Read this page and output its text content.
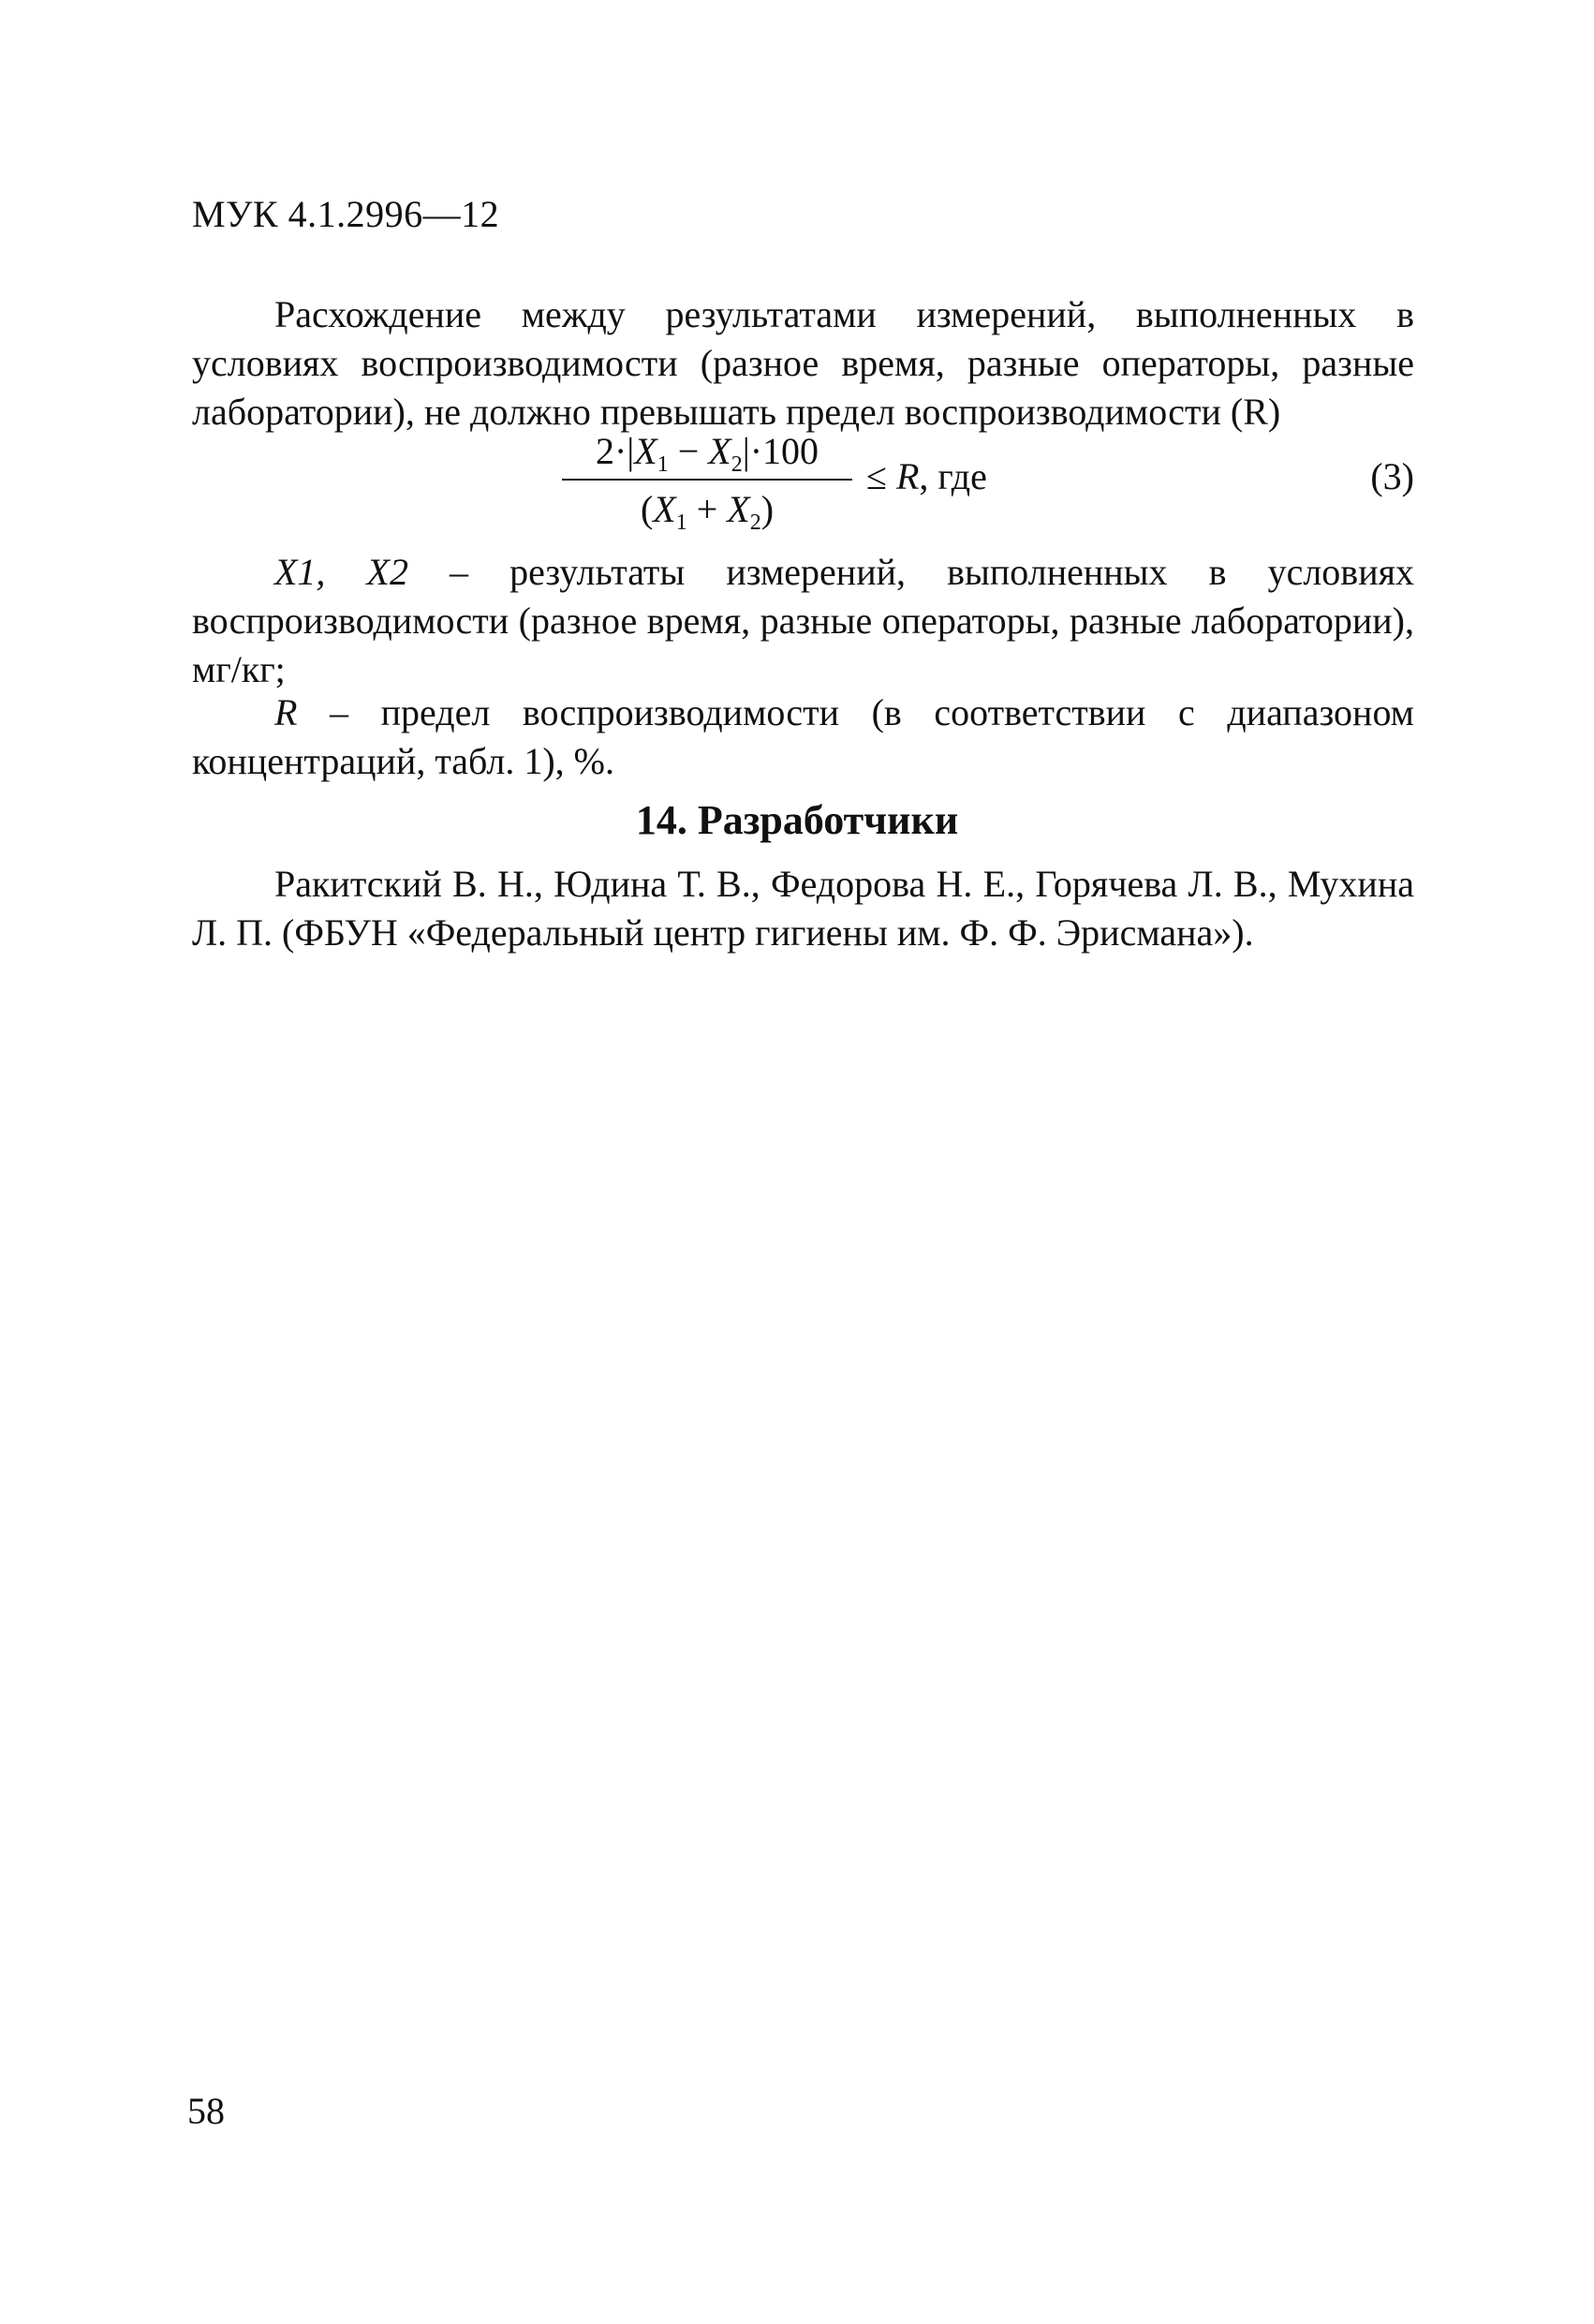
МУК 4.1.2996—12
Расхождение между результатами измерений, выполненных в условиях воспроизводимости (разное время, разные операторы, разные лаборатории), не должно превышать предел воспроизводимости (R)
$2\cdot|X_1 - X_2|\cdot 100$
$(X_1 + X_2)$
≤ R, где	(3)
X1, X2 – результаты измерений, выполненных в условиях воспроизводимости (разное время, разные операторы, разные лаборатории), мг/кг;
R – предел воспроизводимости (в соответствии с диапазоном концентраций, табл. 1), %.
14. Разработчики
Ракитский В. Н., Юдина Т. В., Федорова Н. Е., Горячева Л. В., Мухина Л. П. (ФБУН «Федеральный центр гигиены им. Ф. Ф. Эрисмана»).
58
